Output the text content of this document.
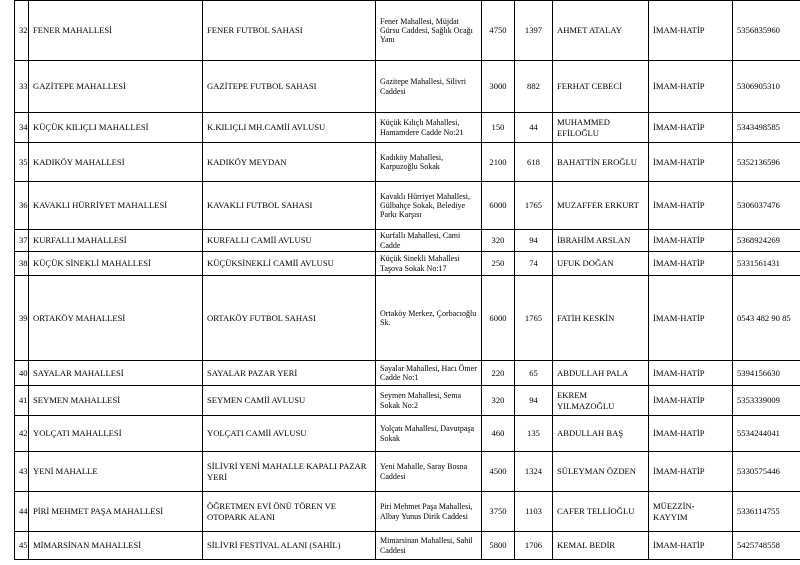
32	FENER MAHALLESİ	FENER FUTBOL SAHASI	Fener Mahallesi, Müjdat Gürsu Caddesi, Sağlık Ocağı Yanı	4750	1397	AHMET ATALAY	İMAM-HATİP	5356835960
33	GAZİTEPE MAHALLESİ	GAZİTEPE FUTBOL SAHASI	Gazitepe Mahallesi, Silivri Caddesi	3000	882	FERHAT CEBECİ	İMAM-HATİP	5306905310
34	KÜÇÜK KILIÇLI MAHALLESİ	K.KILIÇLI MH.CAMİİ AVLUSU	Küçük Kılıçlı Mahallesi, Hamamdere Cadde No:21	150	44	MUHAMMED EFİLOĞLU	İMAM-HATİP	5343498585
35	KADIKÖY MAHALLESİ	KADIKÖY MEYDAN	Kadıköy Mahallesi, Karpuzoğlu Sokak	2100	618	BAHATTİN EROĞLU	İMAM-HATİP	5352136596
36	KAVAKLI HÜRRİYET MAHALLESİ	KAVAKLI FUTBOL SAHASI	Kavaklı Hürriyet Mahallesi, Gülbahçe Sokak, Belediye Parkı Karşısı	6000	1765	MUZAFFER ERKURT	İMAM-HATİP	5306037476
37	KURFALLI MAHALLESİ	KURFALLI CAMİİ AVLUSU	Kurfallı Mahallesi, Cami Cadde	320	94	İBRAHİM ARSLAN	İMAM-HATİP	5368924269
38	KÜÇÜK SİNEKLİ MAHALLESİ	KÜÇÜKSİNEKLİ CAMİİ AVLUSU	Küçük Sinekli Mahallesi Taşova Sokak No:17	250	74	UFUK DOĞAN	İMAM-HATİP	5331561431
39	ORTAKÖY MAHALLESİ	ORTAKÖY FUTBOL SAHASI	Ortaköy Merkez, Çorbacıoğlu Sk.	6000	1765	FATİH KESKİN	İMAM-HATİP	0543 482 90 85
40	SAYALAR MAHALLESİ	SAYALAR PAZAR YERİ	Sayalar Mahallesi, Hacı Ömer Cadde No:1	220	65	ABDULLAH PALA	İMAM-HATİP	5394156630
41	SEYMEN MAHALLESİ	SEYMEN CAMİİ AVLUSU	Seymen Mahallesi, Sema Sokak No:2	320	94	EKREM YILMAZOĞLU	İMAM-HATİP	5353339009
42	YOLÇATI MAHALLESİ	YOLÇATI CAMİİ AVLUSU	Yolçatı Mahallesi, Davutpaşa Sokak	460	135	ABDULLAH BAŞ	İMAM-HATİP	5534244041
43	YENİ MAHALLE	SİLİVRİ YENİ MAHALLE KAPALI PAZAR YERİ	Yeni Mahalle, Saray Bosna Caddesi	4500	1324	SÜLEYMAN ÖZDEN	İMAM-HATİP	5330575446
44	PİRİ MEHMET PAŞA MAHALLESİ	ÖĞRETMEN EVİ ÖNÜ TÖREN VE OTOPARK ALANI	Piri Mehmet Paşa Mahallesi, Albay Yunus Dirik Caddesi	3750	1103	CAFER TELLİOĞLU	MÜEZZİN-KAYYIM	5336114755
45	MİMARSİNAN MAHALLESİ	SİLİVRİ FESTİVAL ALANI (SAHİL)	Mimarsinan Mahallesi, Sahil Caddesi	5800	1706	KEMAL BEDİR	İMAM-HATİP	5425748558
